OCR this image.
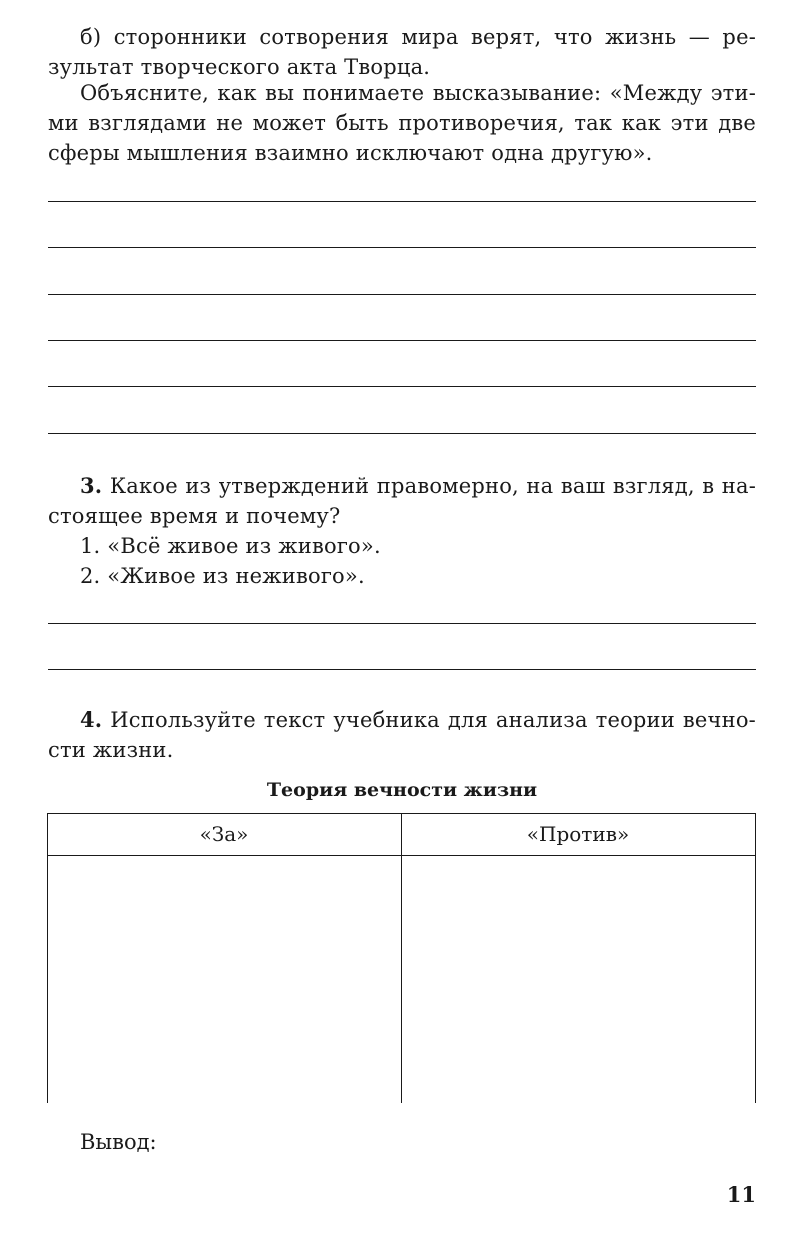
б) сторонники сотворения мира верят, что жизнь — ре-
зультат творческого акта Творца.

Объясните, как вы понимаете высказывание: «Между эти-
ми взглядами не может быть противоречия, так как эти две
сферы мышления взаимно исключают одна другую».

3. Какое из утверждений правомерно, на ваш взгляд, в на-
стоящее время и почему?
1. «Всё живое из живого».
2. «Живое из неживого».

4. Используйте текст учебника для анализа теории вечно-
сти жизни.

Теория вечности жизни
«За»	«Против»
Вывод:
11
